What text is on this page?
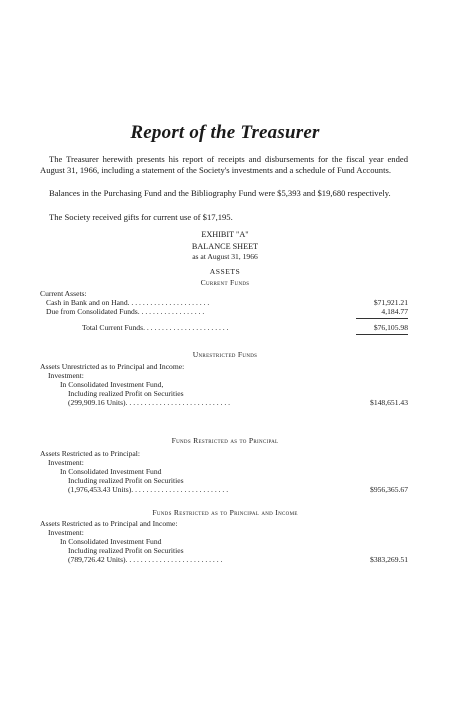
Report of the Treasurer
The Treasurer herewith presents his report of receipts and disbursements for the fiscal year ended August 31, 1966, including a statement of the Society's investments and a schedule of Fund Accounts.
Balances in the Purchasing Fund and the Bibliography Fund were $5,393 and $19,680 respectively.
The Society received gifts for current use of $17,195.
EXHIBIT "A"
BALANCE SHEET
as at August 31, 1966
ASSETS
Current Funds
Current Assets:
Cash in Bank and on Hand. . . . . . . . . . . . . . . . . . . . . .	$71,921.21
Due from Consolidated Funds. . . . . . . . . . . . . . . . . .	4,184.77
Total Current Funds. . . . . . . . . . . . . . . . . . . . . . .	$76,105.98
Unrestricted Funds
Assets Unrestricted as to Principal and Income:
Investment:
In Consolidated Investment Fund,
Including realized Profit on Securities
(299,909.16 Units). . . . . . . . . . . . . . . . . . . . . . . . . . . .	$148,651.43
Funds Restricted as to Principal
Assets Restricted as to Principal:
Investment:
In Consolidated Investment Fund
Including realized Profit on Securities
(1,976,453.43 Units). . . . . . . . . . . . . . . . . . . . . . . . . .	$956,365.67
Funds Restricted as to Principal and Income
Assets Restricted as to Principal and Income:
Investment:
In Consolidated Investment Fund
Including realized Profit on Securities
(789,726.42 Units). . . . . . . . . . . . . . . . . . . . . . . . . .	$383,269.51
